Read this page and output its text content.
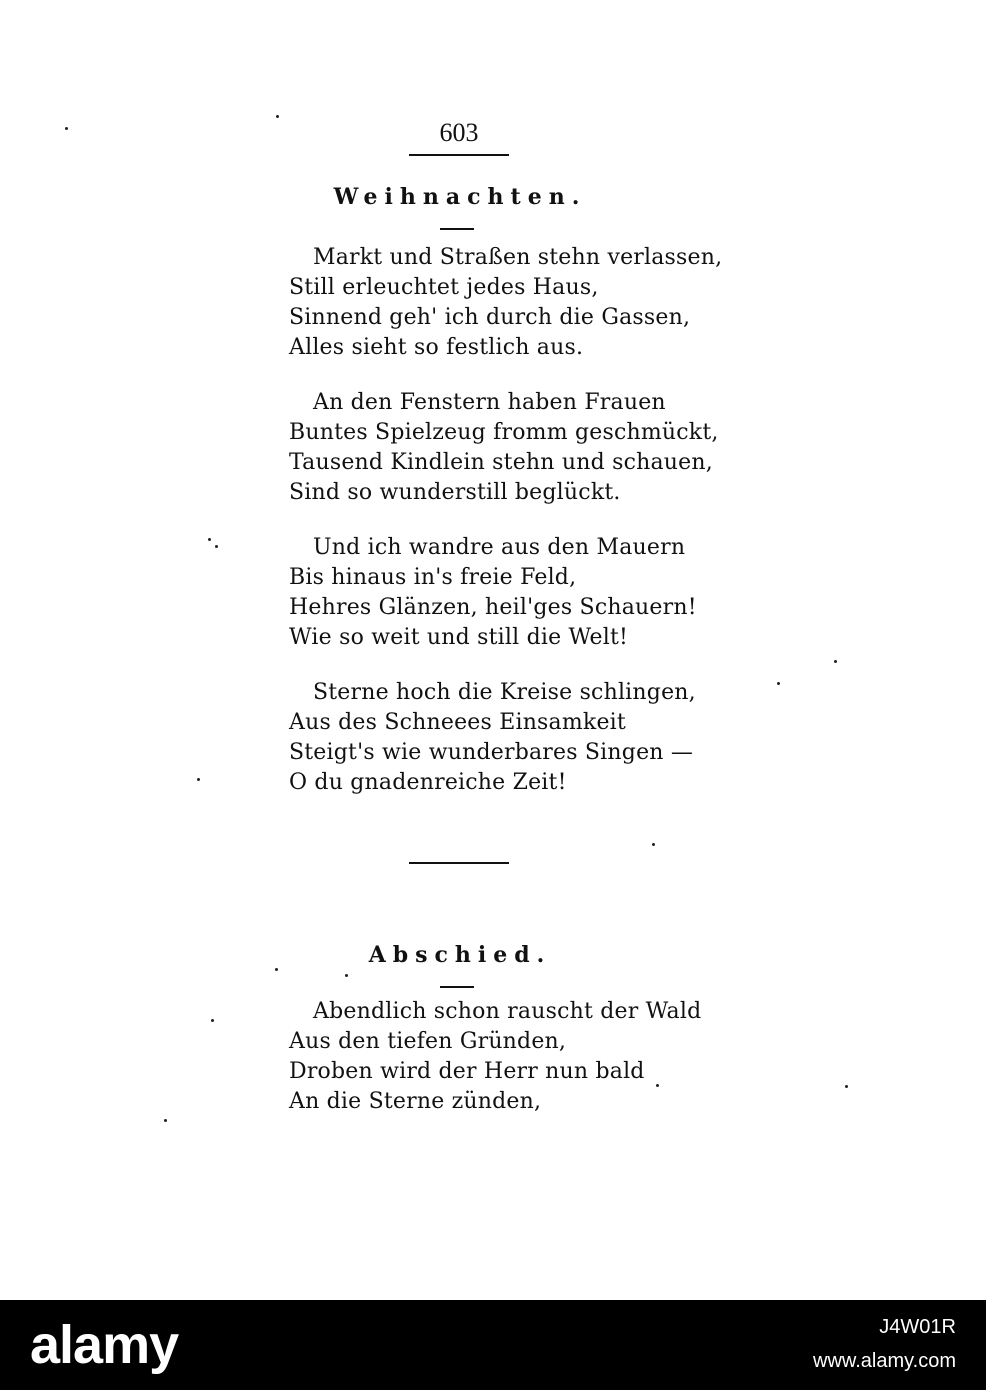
603
Weihnachten.
Markt und Straßen stehn verlassen,
Still erleuchtet jedes Haus,
Sinnend geh' ich durch die Gassen,
Alles sieht so festlich aus.
An den Fenstern haben Frauen
Buntes Spielzeug fromm geschmückt,
Tausend Kindlein stehn und schauen,
Sind so wunderstill beglückt.
Und ich wandre aus den Mauern
Bis hinaus in's freie Feld,
Hehres Glänzen, heil'ges Schauern!
Wie so weit und still die Welt!
Sterne hoch die Kreise schlingen,
Aus des Schneees Einsamkeit
Steigt's wie wunderbares Singen —
O du gnadenreiche Zeit!
Abschied.
Abendlich schon rauscht der Wald
Aus den tiefen Gründen,
Droben wird der Herr nun bald
An die Sterne zünden,
alamy	J4W01R
www.alamy.com
